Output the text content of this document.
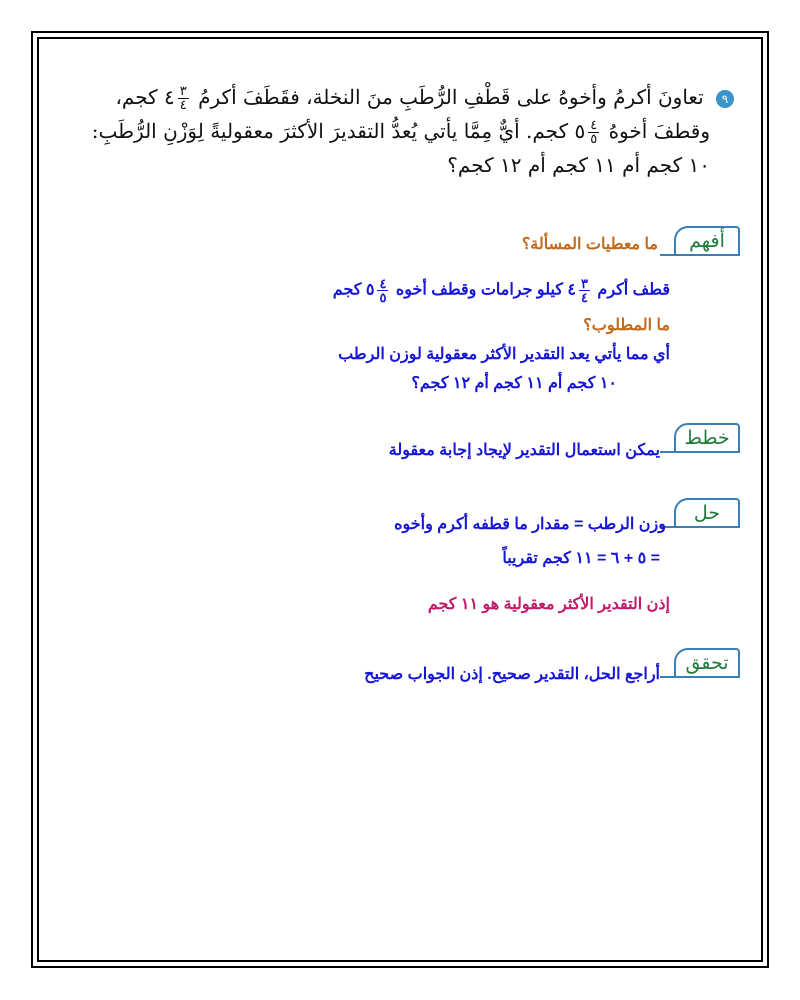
٩ تعاونَ أكرمُ وأخوهُ على قَطْفِ الرُّطَبِ منَ النخلة، فقَطَفَ أكرمُ
$\frac{٣}{٤}$
٤ كجم،
وقطفَ أخوهُ
$\frac{٤}{٥}$
٥ كجم. أيٌّ مِمَّا يأتي يُعدُّ التقديرَ الأكثرَ معقوليةً لِوَزْنِ الرُّطَبِ:
١٠ كجم أم ١١ كجم أم ١٢ كجم؟
أفهم
ما معطيات المسألة؟
قطف أكرم
$\frac{٣}{٤}$
٤ كيلو جرامات وقطف أخوه
$\frac{٤}{٥}$
٥ كجم
ما المطلوب؟
أي مما يأتي يعد التقدير الأكثر معقولية لوزن الرطب
١٠ كجم أم ١١ كجم أم ١٢ كجم؟
خطط
يمكن استعمال التقدير لإيجاد إجابة معقولة
حل
وزن الرطب = مقدار ما قطفه أكرم وأخوه
= ٥ + ٦ = ١١ كجم تقريباً
إذن التقدير الأكثر معقولية هو ١١ كجم
تحقق
أراجع الحل، التقدير صحيح. إذن الجواب صحيح
